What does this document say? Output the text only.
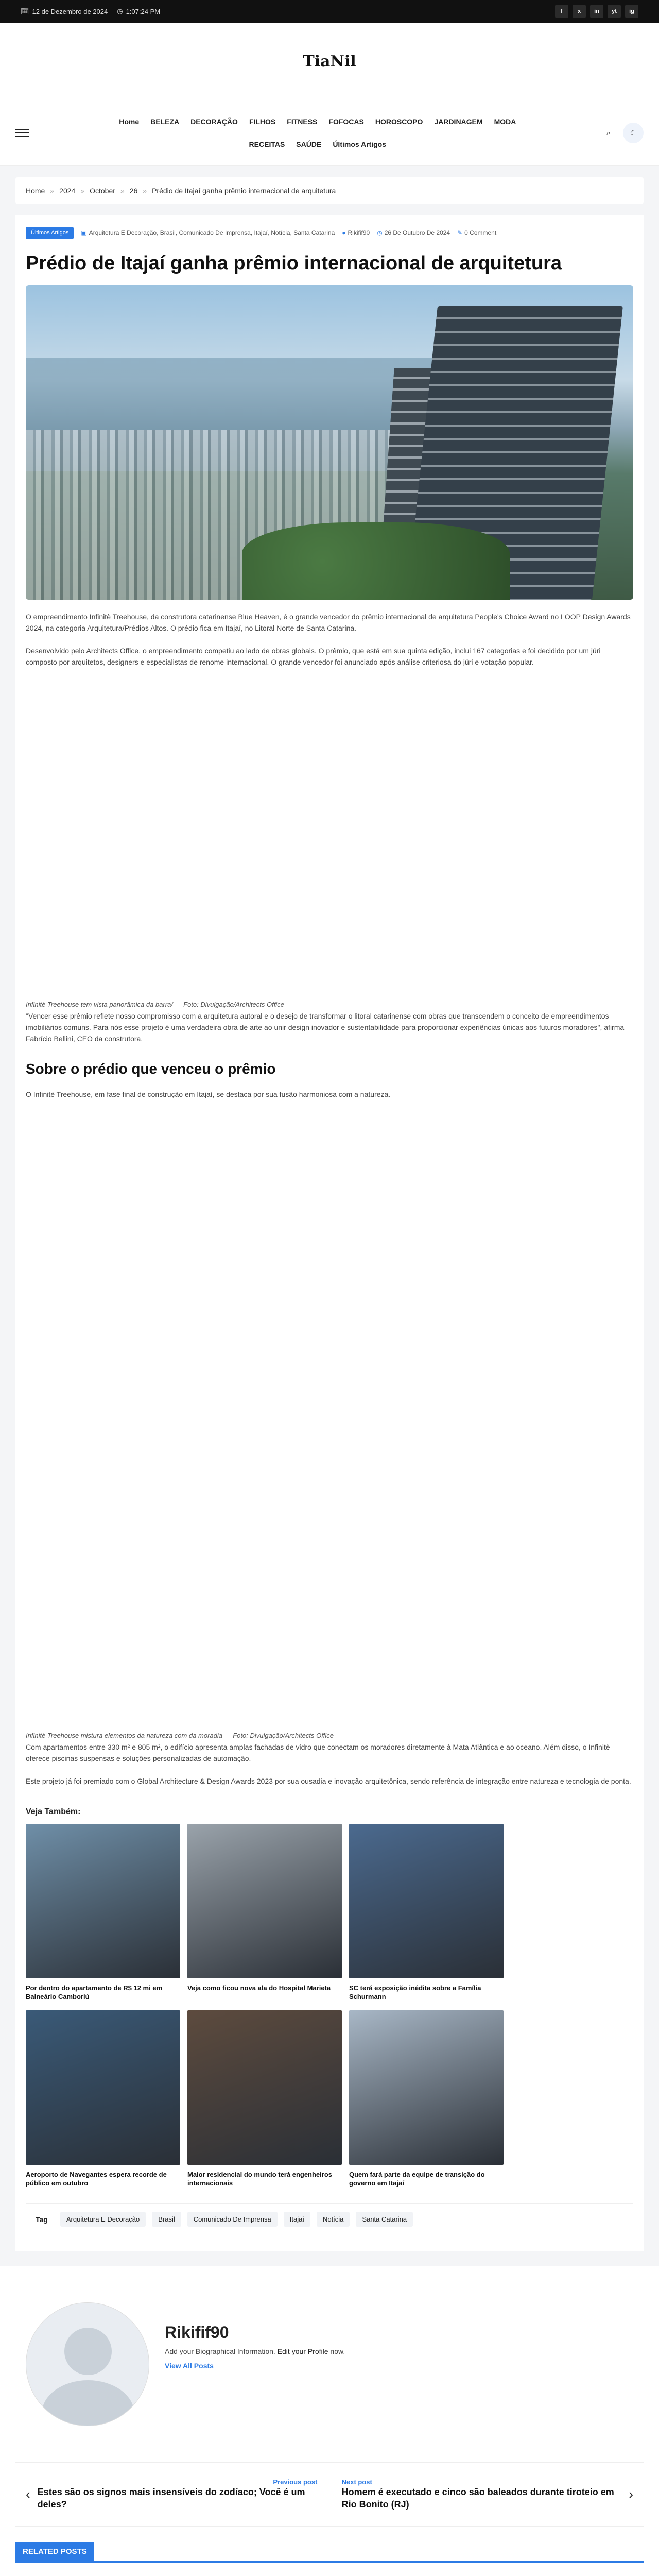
🗓 12 de Dezembro de 2024 ◷ 1:07:24 PM	f	x	in	yt	ig
TiaNil
Home BELEZA DECORAÇÃO FILHOS FITNESS FOFOCAS HOROSCOPO JARDINAGEM MODA
RECEITAS SAÚDE Últimos Artigos
⌕	☾
Home » 2024 » October » 26 » Prédio de Itajaí ganha prêmio internacional de arquitetura
Últimos Artigos	▣ Arquitetura E Decoração, Brasil, Comunicado De Imprensa, Itajaí, Notícia, Santa Catarina ● Rikifif90 ◷ 26 De Outubro De 2024 ✎ 0 Comment
Prédio de Itajaí ganha prêmio internacional de arquitetura

O empreendimento Infinitè Treehouse, da construtora catarinense Blue Heaven, é o grande vencedor do prêmio internacional de arquitetura People's Choice Award no LOOP Design Awards 2024, na categoria Arquitetura/Prédios Altos. O prédio fica em Itajaí, no Litoral Norte de Santa Catarina.

Desenvolvido pelo Architects Office, o empreendimento competiu ao lado de obras globais. O prêmio, que está em sua quinta edição, inclui 167 categorias e foi decidido por um júri composto por arquitetos, designers e especialistas de renome internacional. O grande vencedor foi anunciado após análise criteriosa do júri e votação popular.

Infinitè Treehouse tem vista panorâmica da barra/ — Foto: Divulgação/Architects Office

"Vencer esse prêmio reflete nosso compromisso com a arquitetura autoral e o desejo de transformar o litoral catarinense com obras que transcendem o conceito de empreendimentos imobiliários comuns. Para nós esse projeto é uma verdadeira obra de arte ao unir design inovador e sustentabilidade para proporcionar experiências únicas aos futuros moradores", afirma Fabrício Bellini, CEO da construtora.

Sobre o prédio que venceu o prêmio

O Infinitè Treehouse, em fase final de construção em Itajaí, se destaca por sua fusão harmoniosa com a natureza.

Infinitè Treehouse mistura elementos da natureza com da moradia — Foto: Divulgação/Architects Office

Com apartamentos entre 330 m² e 805 m², o edifício apresenta amplas fachadas de vidro que conectam os moradores diretamente à Mata Atlântica e ao oceano. Além disso, o Infinitè oferece piscinas suspensas e soluções personalizadas de automação.

Este projeto já foi premiado com o Global Architecture & Design Awards 2023 por sua ousadia e inovação arquitetônica, sendo referência de integração entre natureza e tecnologia de ponta.

Veja Também:
Por dentro do apartamento de R$ 12 mi em Balneário Camboriú
Veja como ficou nova ala do Hospital Marieta	SC terá exposição inédita sobre a Família Schurmann
Aeroporto de Navegantes espera recorde de público em outubro
Maior residencial do mundo terá engenheiros internacionais
Quem fará parte da equipe de transição do governo em Itajaí
Tag	Arquitetura E Decoração	Brasil	Comunicado De Imprensa	Itajaí	Notícia	Santa Catarina
Rikifif90

Add your Biographical Information. Edit your Profile now.

View All Posts
‹
Previous post
Estes são os signos mais insensíveis do zodíaco; Você é um deles?
Next post
Homem é executado e cinco são baleados durante tiroteio em Rio Bonito (RJ)
›
RELATED POSTS
